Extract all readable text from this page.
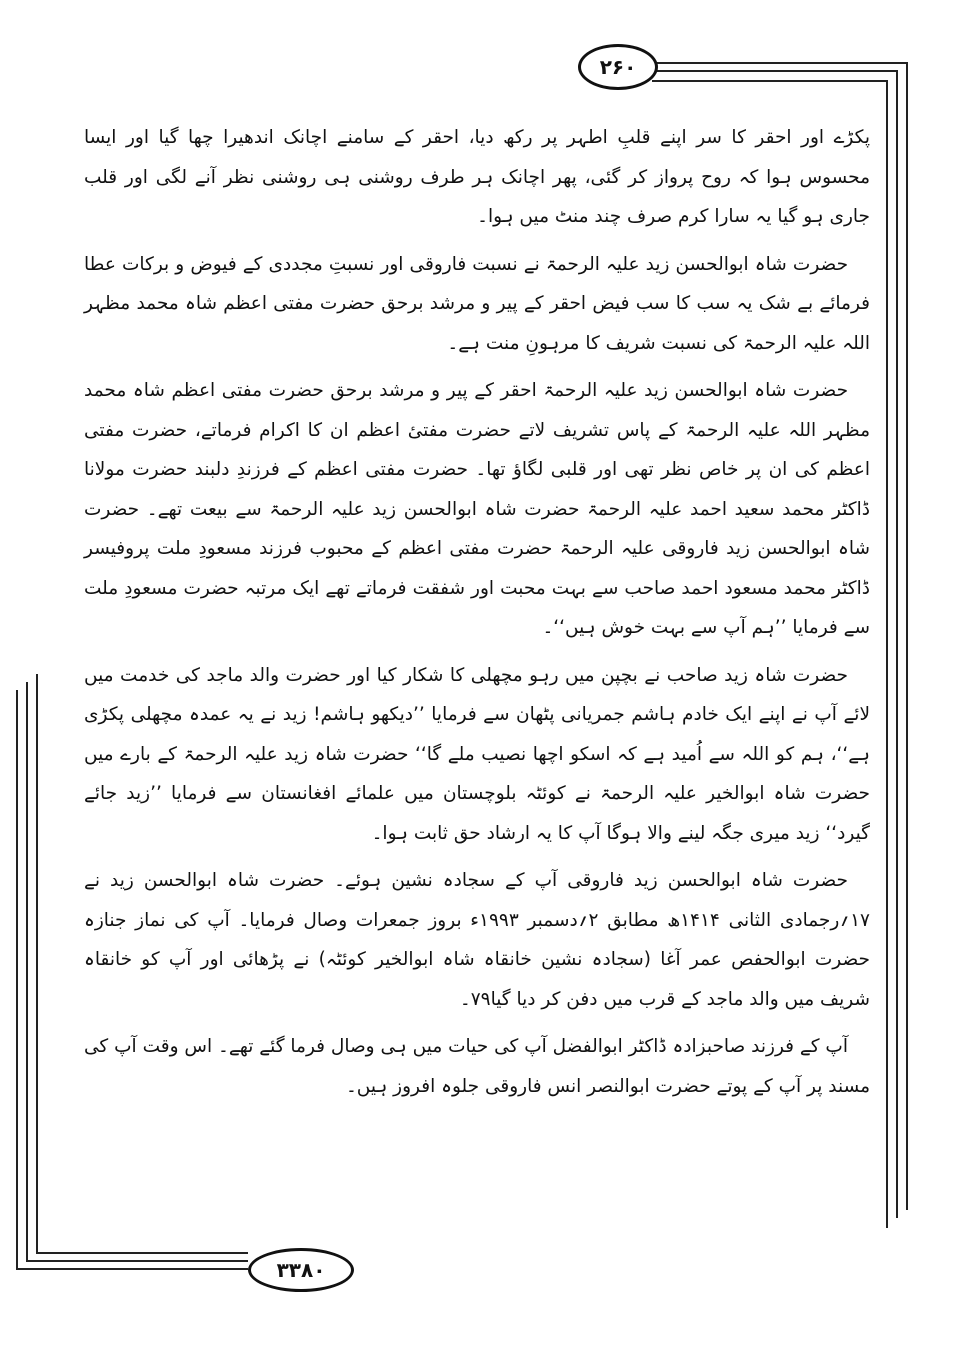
۲۶۰
۳۳۸۰

پکڑے اور احقر کا سر اپنے قلبِ اطہر پر رکھ دیا، احقر کے سامنے اچانک اندھیرا چھا گیا اور ایسا محسوس ہوا کہ روح پرواز کر گئی، پھر اچانک ہر طرف روشنی ہی روشنی نظر آنے لگی اور قلب جاری ہو گیا یہ سارا کرم صرف چند منٹ میں ہوا۔

حضرت شاہ ابوالحسن زید علیہ الرحمۃ نے نسبت فاروقی اور نسبتِ مجددی کے فیوض و برکات عطا فرمائے بے شک یہ سب کا سب فیض احقر کے پیر و مرشد برحق حضرت مفتی اعظم شاہ محمد مظہر اللہ علیہ الرحمۃ کی نسبت شریف کا مرہونِ منت ہے۔

حضرت شاہ ابوالحسن زید علیہ الرحمۃ احقر کے پیر و مرشد برحق حضرت مفتی اعظم شاہ محمد مظہر اللہ علیہ الرحمۃ کے پاس تشریف لاتے حضرت مفتیٔ اعظم ان کا اکرام فرماتے، حضرت مفتی اعظم کی ان پر خاص نظر تھی اور قلبی لگاؤ تھا۔ حضرت مفتی اعظم کے فرزندِ دلبند حضرت مولانا ڈاکٹر محمد سعید احمد علیہ الرحمۃ حضرت شاہ ابوالحسن زید علیہ الرحمۃ سے بیعت تھے۔ حضرت شاہ ابوالحسن زید فاروقی علیہ الرحمۃ حضرت مفتی اعظم کے محبوب فرزند مسعودِ ملت پروفیسر ڈاکٹر محمد مسعود احمد صاحب سے بہت محبت اور شفقت فرماتے تھے ایک مرتبہ حضرت مسعودِ ملت سے فرمایا ’’ہم آپ سے بہت خوش ہیں‘‘۔

حضرت شاہ زید صاحب نے بچپن میں رہو مچھلی کا شکار کیا اور حضرت والد ماجد کی خدمت میں لائے آپ نے اپنے ایک خادم ہاشم جمریانی پٹھان سے فرمایا ’’دیکھو ہاشم! زید نے یہ عمدہ مچھلی پکڑی ہے‘‘، ہم کو اللہ سے اُمید ہے کہ اسکو اچھا نصیب ملے گا‘‘ حضرت شاہ زید علیہ الرحمۃ کے بارے میں حضرت شاہ ابوالخیر علیہ الرحمۃ نے کوئٹہ بلوچستان میں علمائے افغانستان سے فرمایا ’’زید جائے گیرد‘‘ زید میری جگہ لینے والا ہوگا آپ کا یہ ارشاد حق ثابت ہوا۔

حضرت شاہ ابوالحسن زید فاروقی آپ کے سجادہ نشین ہوئے۔ حضرت شاہ ابوالحسن زید نے ۱۷؍رجمادی الثانی ۱۴۱۴ھ مطابق ۲؍دسمبر ۱۹۹۳ء بروز جمعرات وصال فرمایا۔ آپ کی نماز جنازہ حضرت ابوالحفص عمر آغا (سجادہ نشین خانقاہ شاہ ابوالخیر کوئٹہ) نے پڑھائی اور آپ کو خانقاہ شریف میں والد ماجد کے قرب میں دفن کر دیا گیا۷۹۔

آپ کے فرزند صاحبزادہ ڈاکٹر ابوالفضل آپ کی حیات میں ہی وصال فرما گئے تھے۔ اس وقت آپ کی مسند پر آپ کے پوتے حضرت ابوالنصر انس فاروقی جلوہ افروز ہیں۔
